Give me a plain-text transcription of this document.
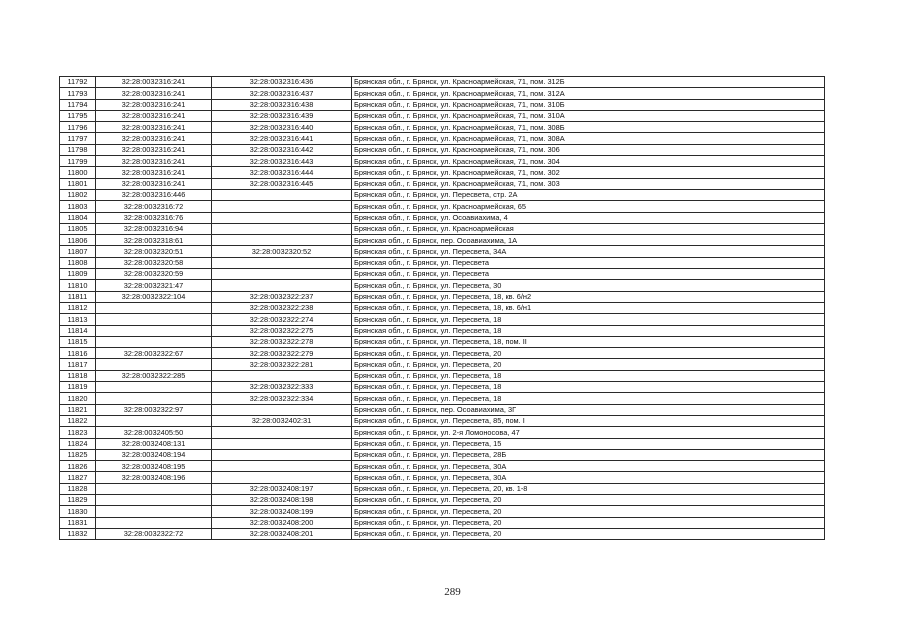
11792	32:28:0032316:241	32:28:0032316:436	Брянская обл., г. Брянск, ул. Красноармейская, 71, пом. 312Б
11793	32:28:0032316:241	32:28:0032316:437	Брянская обл., г. Брянск, ул. Красноармейская, 71, пом. 312А
11794	32:28:0032316:241	32:28:0032316:438	Брянская обл., г. Брянск, ул. Красноармейская, 71, пом. 310Б
11795	32:28:0032316:241	32:28:0032316:439	Брянская обл., г. Брянск, ул. Красноармейская, 71, пом. 310А
11796	32:28:0032316:241	32:28:0032316:440	Брянская обл., г. Брянск, ул. Красноармейская, 71, пом. 308Б
11797	32:28:0032316:241	32:28:0032316:441	Брянская обл., г. Брянск, ул. Красноармейская, 71, пом. 308А
11798	32:28:0032316:241	32:28:0032316:442	Брянская обл., г. Брянск, ул. Красноармейская, 71, пом. 306
11799	32:28:0032316:241	32:28:0032316:443	Брянская обл., г. Брянск, ул. Красноармейская, 71, пом. 304
11800	32:28:0032316:241	32:28:0032316:444	Брянская обл., г. Брянск, ул. Красноармейская, 71, пом. 302
11801	32:28:0032316:241	32:28:0032316:445	Брянская обл., г. Брянск, ул. Красноармейская, 71, пом. 303
11802	32:28:0032316:446		Брянская обл., г. Брянск, ул. Пересвета, стр. 2А
11803	32:28:0032316:72		Брянская обл., г. Брянск, ул. Красноармейская, 65
11804	32:28:0032316:76		Брянская обл., г. Брянск, ул. Осоавиахима, 4
11805	32:28:0032316:94		Брянская обл., г. Брянск, ул. Красноармейская
11806	32:28:0032318:61		Брянская обл., г. Брянск, пер. Осоавиахима, 1А
11807	32:28:0032320:51	32:28:0032320:52	Брянская обл., г. Брянск, ул. Пересвета, 34А
11808	32:28:0032320:58		Брянская обл., г. Брянск, ул. Пересвета
11809	32:28:0032320:59		Брянская обл., г. Брянск, ул. Пересвета
11810	32:28:0032321:47		Брянская обл., г. Брянск, ул. Пересвета, 30
11811	32:28:0032322:104	32:28:0032322:237	Брянская обл., г. Брянск, ул. Пересвета, 18, кв. 6/н2
11812		32:28:0032322:238	Брянская обл., г. Брянск, ул. Пересвета, 18, кв. 6/н1
11813		32:28:0032322:274	Брянская обл., г. Брянск, ул. Пересвета, 18
11814		32:28:0032322:275	Брянская обл., г. Брянск, ул. Пересвета, 18
11815		32:28:0032322:278	Брянская обл., г. Брянск, ул. Пересвета, 18, пом. II
11816	32:28:0032322:67	32:28:0032322:279	Брянская обл., г. Брянск, ул. Пересвета, 20
11817		32:28:0032322:281	Брянская обл., г. Брянск, ул. Пересвета, 20
11818	32:28:0032322:285		Брянская обл., г. Брянск, ул. Пересвета, 18
11819		32:28:0032322:333	Брянская обл., г. Брянск, ул. Пересвета, 18
11820		32:28:0032322:334	Брянская обл., г. Брянск, ул. Пересвета, 18
11821	32:28:0032322:97		Брянская обл., г. Брянск, пер. Осоавиахима, 3Г
11822		32:28:0032402:31	Брянская обл., г. Брянск, ул. Пересвета, 85, пом. I
11823	32:28:0032405:50		Брянская обл., г. Брянск, ул. 2-я Ломоносова, 47
11824	32:28:0032408:131		Брянская обл., г. Брянск, ул. Пересвета, 15
11825	32:28:0032408:194		Брянская обл., г. Брянск, ул. Пересвета, 28Б
11826	32:28:0032408:195		Брянская обл., г. Брянск, ул. Пересвета, 30А
11827	32:28:0032408:196		Брянская обл., г. Брянск, ул. Пересвета, 30А
11828		32:28:0032408:197	Брянская обл., г. Брянск, ул. Пересвета, 20, кв. 1-8
11829		32:28:0032408:198	Брянская обл., г. Брянск, ул. Пересвета, 20
11830		32:28:0032408:199	Брянская обл., г. Брянск, ул. Пересвета, 20
11831		32:28:0032408:200	Брянская обл., г. Брянск, ул. Пересвета, 20
11832	32:28:0032322:72	32:28:0032408:201	Брянская обл., г. Брянск, ул. Пересвета, 20
289
